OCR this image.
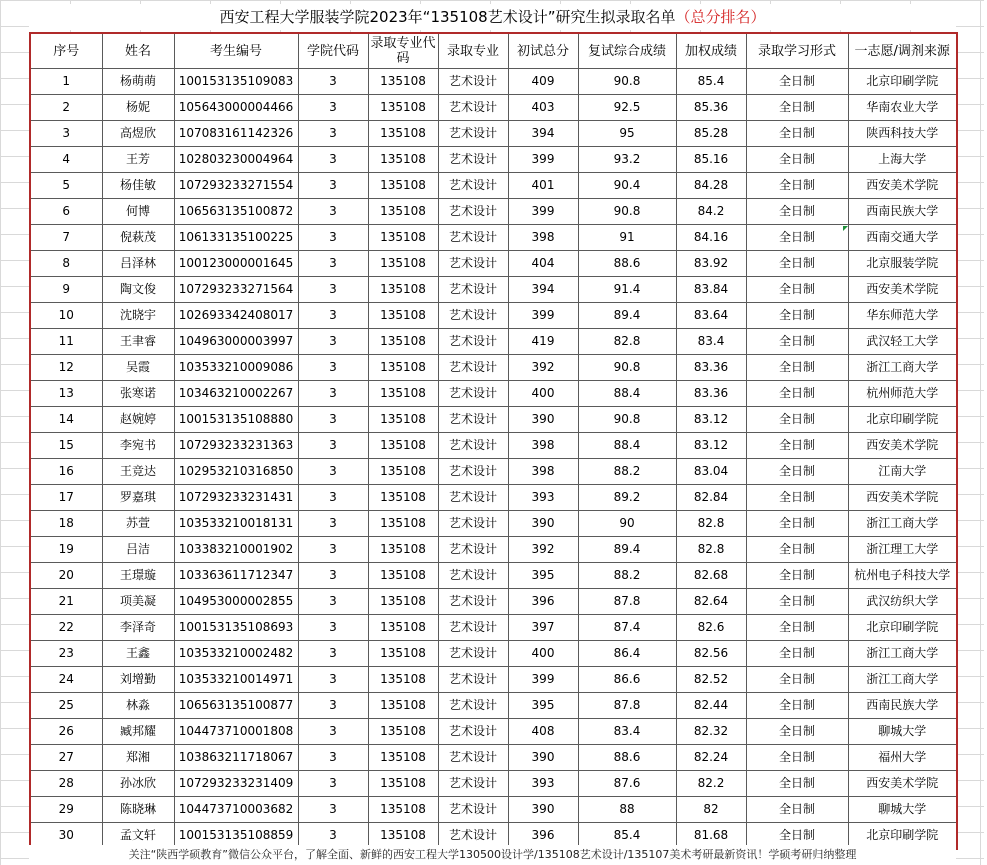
西安工程大学服装学院2023年“135108艺术设计”研究生拟录取名单（总分排名）
序号	姓名	考生编号	学院代码	录取专业代码	录取专业	初试总分	复试综合成绩	加权成绩	录取学习形式	一志愿/调剂来源
1	杨萌萌	100153135109083	3	135108	艺术设计	409	90.8	85.4	全日制	北京印刷学院
2	杨妮	105643000004466	3	135108	艺术设计	403	92.5	85.36	全日制	华南农业大学
3	高煜欣	107083161142326	3	135108	艺术设计	394	95	85.28	全日制	陕西科技大学
4	王芳	102803230004964	3	135108	艺术设计	399	93.2	85.16	全日制	上海大学
5	杨佳敏	107293233271554	3	135108	艺术设计	401	90.4	84.28	全日制	西安美术学院
6	何博	106563135100872	3	135108	艺术设计	399	90.8	84.2	全日制	西南民族大学
7	倪萩茂	106133135100225	3	135108	艺术设计	398	91	84.16	全日制	西南交通大学
8	吕泽林	100123000001645	3	135108	艺术设计	404	88.6	83.92	全日制	北京服装学院
9	陶文俊	107293233271564	3	135108	艺术设计	394	91.4	83.84	全日制	西安美术学院
10	沈晓宇	102693342408017	3	135108	艺术设计	399	89.4	83.64	全日制	华东师范大学
11	王聿睿	104963000003997	3	135108	艺术设计	419	82.8	83.4	全日制	武汉轻工大学
12	吴霞	103533210009086	3	135108	艺术设计	392	90.8	83.36	全日制	浙江工商大学
13	张寒诺	103463210002267	3	135108	艺术设计	400	88.4	83.36	全日制	杭州师范大学
14	赵婉婷	100153135108880	3	135108	艺术设计	390	90.8	83.12	全日制	北京印刷学院
15	李宛书	107293233231363	3	135108	艺术设计	398	88.4	83.12	全日制	西安美术学院
16	王竞达	102953210316850	3	135108	艺术设计	398	88.2	83.04	全日制	江南大学
17	罗嘉琪	107293233231431	3	135108	艺术设计	393	89.2	82.84	全日制	西安美术学院
18	苏萱	103533210018131	3	135108	艺术设计	390	90	82.8	全日制	浙江工商大学
19	吕洁	103383210001902	3	135108	艺术设计	392	89.4	82.8	全日制	浙江理工大学
20	王璟璇	103363611712347	3	135108	艺术设计	395	88.2	82.68	全日制	杭州电子科技大学
21	项美凝	104953000002855	3	135108	艺术设计	396	87.8	82.64	全日制	武汉纺织大学
22	李泽奇	100153135108693	3	135108	艺术设计	397	87.4	82.6	全日制	北京印刷学院
23	王鑫	103533210002482	3	135108	艺术设计	400	86.4	82.56	全日制	浙江工商大学
24	刘增勤	103533210014971	3	135108	艺术设计	399	86.6	82.52	全日制	浙江工商大学
25	林淼	106563135100877	3	135108	艺术设计	395	87.8	82.44	全日制	西南民族大学
26	臧邦耀	104473710001808	3	135108	艺术设计	408	83.4	82.32	全日制	聊城大学
27	郑湘	103863211718067	3	135108	艺术设计	390	88.6	82.24	全日制	福州大学
28	孙冰欣	107293233231409	3	135108	艺术设计	393	87.6	82.2	全日制	西安美术学院
29	陈晓琳	104473710003682	3	135108	艺术设计	390	88	82	全日制	聊城大学
30	孟文轩	100153135108859	3	135108	艺术设计	396	85.4	81.68	全日制	北京印刷学院
关注“陕西学硕教育”微信公众平台，了解全面、新鲜的西安工程大学130500设计学/135108艺术设计/135107美术考研最新资讯！学硕考研归纳整理
